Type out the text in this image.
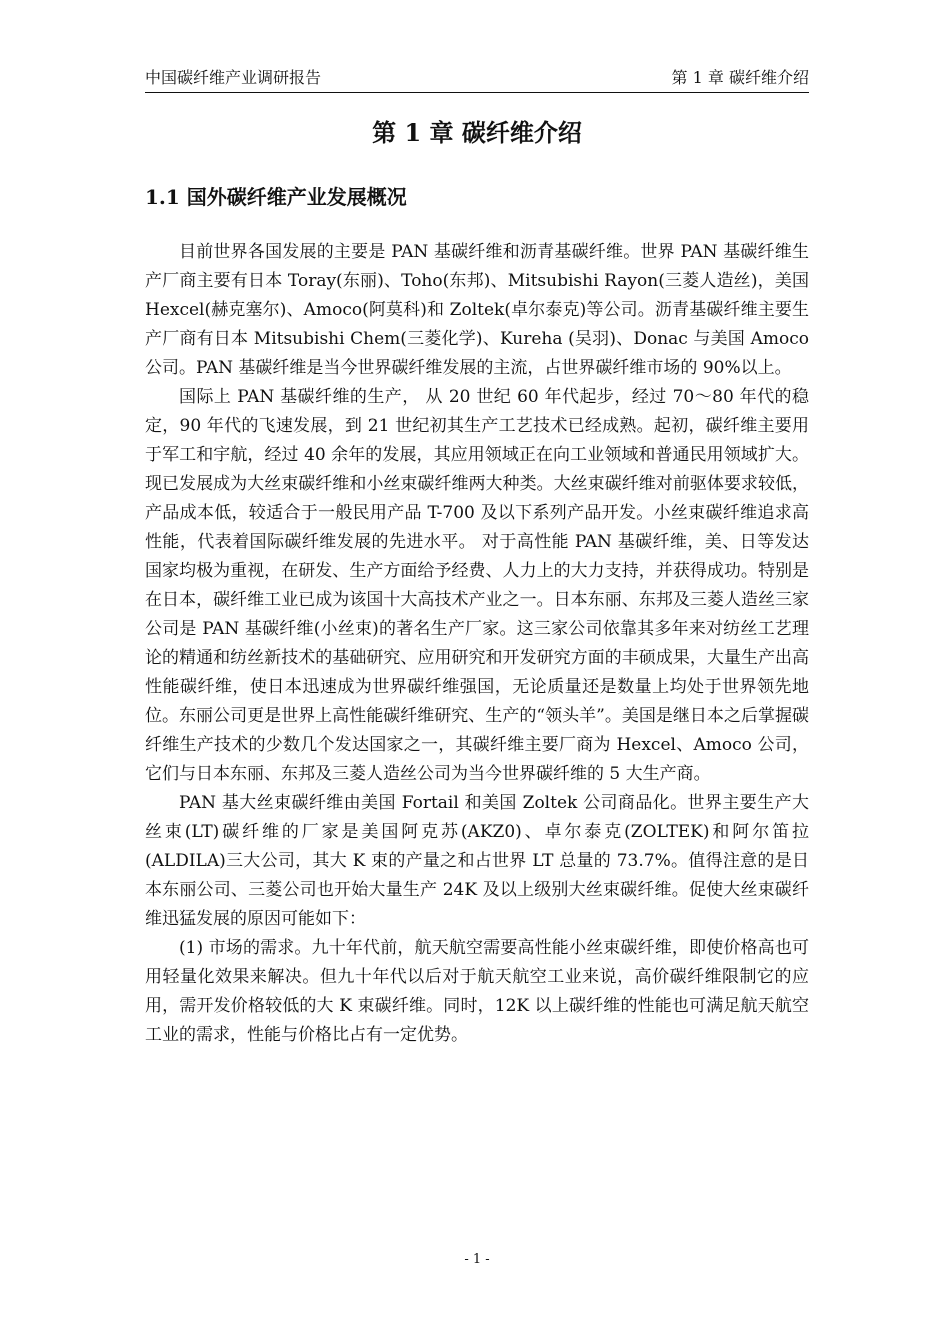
中国碳纤维产业调研报告	第 1 章 碳纤维介绍
第 1 章 碳纤维介绍
1.1 国外碳纤维产业发展概况

目前世界各国发展的主要是 PAN 基碳纤维和沥青基碳纤维。世界 PAN 基碳纤维生产厂商主要有日本 Toray(东丽)、Toho(东邦)、Mitsubishi Rayon(三菱人造丝)，美国 Hexcel(赫克塞尔)、Amoco(阿莫科)和 Zoltek(卓尔泰克)等公司。沥青基碳纤维主要生产厂商有日本 Mitsubishi Chem(三菱化学)、Kureha (吴羽)、Donac 与美国 Amoco 公司。PAN 基碳纤维是当今世界碳纤维发展的主流，占世界碳纤维市场的 90%以上。

国际上 PAN 基碳纤维的生产， 从 20 世纪 60 年代起步，经过 70～80 年代的稳定，90 年代的飞速发展，到 21 世纪初其生产工艺技术已经成熟。起初，碳纤维主要用于军工和宇航，经过 40 余年的发展，其应用领域正在向工业领域和普通民用领域扩大。现已发展成为大丝束碳纤维和小丝束碳纤维两大种类。大丝束碳纤维对前驱体要求较低，产品成本低，较适合于一般民用产品 T-700 及以下系列产品开发。小丝束碳纤维追求高性能，代表着国际碳纤维发展的先进水平。 对于高性能 PAN 基碳纤维，美、日等发达国家均极为重视，在研发、生产方面给予经费、人力上的大力支持，并获得成功。特别是在日本，碳纤维工业已成为该国十大高技术产业之一。日本东丽、东邦及三菱人造丝三家公司是 PAN 基碳纤维(小丝束)的著名生产厂家。这三家公司依靠其多年来对纺丝工艺理论的精通和纺丝新技术的基础研究、应用研究和开发研究方面的丰硕成果，大量生产出高性能碳纤维，使日本迅速成为世界碳纤维强国，无论质量还是数量上均处于世界领先地位。东丽公司更是世界上高性能碳纤维研究、生产的“领头羊”。美国是继日本之后掌握碳纤维生产技术的少数几个发达国家之一，其碳纤维主要厂商为 Hexcel、Amoco 公司，它们与日本东丽、东邦及三菱人造丝公司为当今世界碳纤维的 5 大生产商。

PAN 基大丝束碳纤维由美国 Fortail 和美国 Zoltek 公司商品化。世界主要生产大丝束(LT)碳纤维的厂家是美国阿克苏(AKZ0)、卓尔泰克(ZOLTEK)和阿尔笛拉(ALDILA)三大公司，其大 K 束的产量之和占世界 LT 总量的 73.7%。值得注意的是日本东丽公司、三菱公司也开始大量生产 24K 及以上级别大丝束碳纤维。促使大丝束碳纤维迅猛发展的原因可能如下：

(1) 市场的需求。九十年代前，航天航空需要高性能小丝束碳纤维，即使价格高也可用轻量化效果来解决。但九十年代以后对于航天航空工业来说，高价碳纤维限制它的应用，需开发价格较低的大 K 束碳纤维。同时，12K 以上碳纤维的性能也可满足航天航空工业的需求，性能与价格比占有一定优势。

- 1 -
